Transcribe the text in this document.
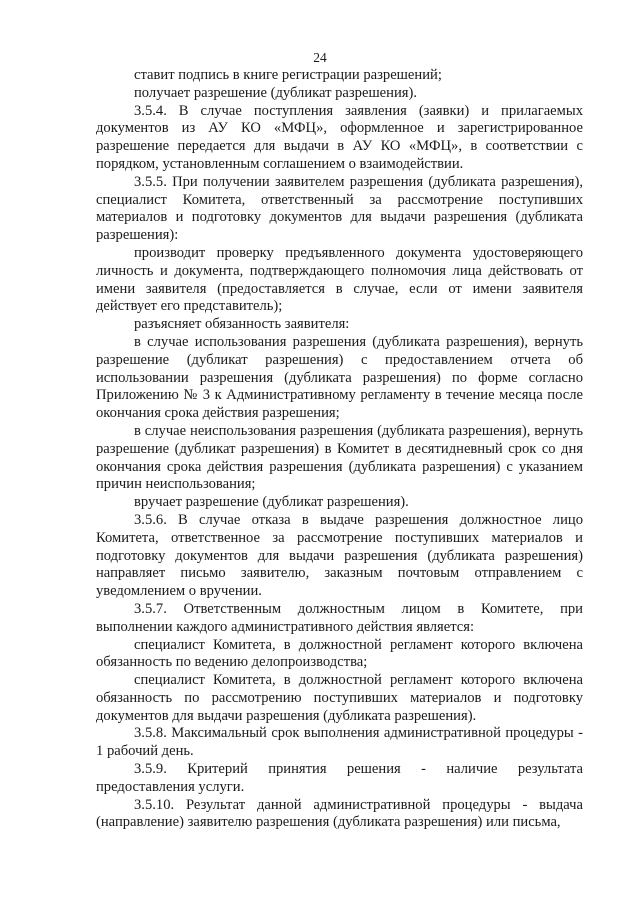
24

ставит подпись в книге регистрации разрешений;

получает разрешение (дубликат разрешения).

3.5.4. В случае поступления заявления (заявки) и прилагаемых документов из АУ КО «МФЦ», оформленное и зарегистрированное разрешение передается для выдачи в АУ КО «МФЦ», в соответствии с порядком, установленным соглашением о взаимодействии.

3.5.5. При получении заявителем разрешения (дубликата разрешения), специалист Комитета, ответственный за рассмотрение поступивших материалов и подготовку документов для выдачи разрешения (дубликата разрешения):

производит проверку предъявленного документа удостоверяющего личность и документа, подтверждающего полномочия лица действовать от имени заявителя (предоставляется в случае, если от имени заявителя действует его представитель);

разъясняет обязанность заявителя:

в случае использования разрешения (дубликата разрешения), вернуть разрешение (дубликат разрешения) с предоставлением отчета об использовании разрешения (дубликата разрешения) по форме согласно Приложению № 3 к Административному регламенту в течение месяца после окончания срока действия разрешения;

в случае неиспользования разрешения (дубликата разрешения), вернуть разрешение (дубликат разрешения) в Комитет в десятидневный срок со дня окончания срока действия разрешения (дубликата разрешения) с указанием причин неиспользования;

вручает разрешение (дубликат разрешения).

3.5.6. В случае отказа в выдаче разрешения должностное лицо Комитета, ответственное за рассмотрение поступивших материалов и подготовку документов для выдачи разрешения (дубликата разрешения) направляет письмо заявителю, заказным почтовым отправлением с уведомлением о вручении.

3.5.7. Ответственным должностным лицом в Комитете, при выполнении каждого административного действия является:

специалист Комитета, в должностной регламент которого включена обязанность по ведению делопроизводства;

специалист Комитета, в должностной регламент которого включена обязанность по рассмотрению поступивших материалов и подготовку документов для выдачи разрешения (дубликата разрешения).

3.5.8. Максимальный срок выполнения административной процедуры - 1 рабочий день.

3.5.9. Критерий принятия решения - наличие результата предоставления услуги.

3.5.10. Результат данной административной процедуры - выдача (направление) заявителю разрешения (дубликата разрешения) или письма,
